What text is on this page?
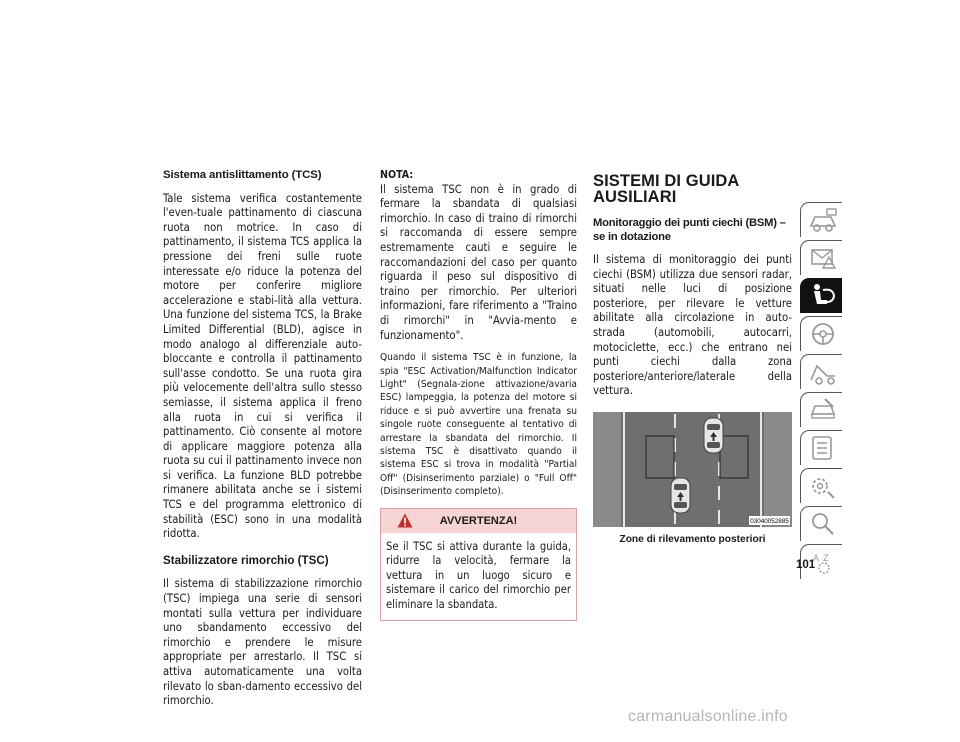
Sistema antislittamento (TCS)

Tale sistema verifica costantemente l'even-tuale pattinamento di ciascuna ruota non motrice. In caso di pattinamento, il sistema TCS applica la pressione dei freni sulle ruote interessate e/o riduce la potenza del motore per conferire migliore accelerazione e stabi-lità alla vettura. Una funzione del sistema TCS, la Brake Limited Differential (BLD), agisce in modo analogo al differenziale auto-bloccante e controlla il pattinamento sull'asse condotto. Se una ruota gira più velocemente dell'altra sullo stesso semiasse, il sistema applica il freno alla ruota in cui si verifica il pattinamento. Ciò consente al motore di applicare maggiore potenza alla ruota su cui il pattinamento invece non si verifica. La funzione BLD potrebbe rimanere abilitata anche se i sistemi TCS e del programma elettronico di stabilità (ESC) sono in una modalità ridotta.

Stabilizzatore rimorchio (TSC)

Il sistema di stabilizzazione rimorchio (TSC) impiega una serie di sensori montati sulla vettura per individuare uno sbandamento eccessivo del rimorchio e prendere le misure appropriate per arrestarlo. Il TSC si attiva automaticamente una volta rilevato lo sban-damento eccessivo del rimorchio.

NOTA:

Il sistema TSC non è in grado di fermare la sbandata di qualsiasi rimorchio. In caso di traino di rimorchi si raccomanda di essere sempre estremamente cauti e seguire le raccomandazioni del caso per quanto riguarda il peso sul dispositivo di traino per rimorchio. Per ulteriori informazioni, fare riferimento a "Traino di rimorchi" in "Avvia-mento e funzionamento".

Quando il sistema TSC è in funzione, la spia "ESC Activation/Malfunction Indicator Light" (Segnala-zione attivazione/avaria ESC) lampeggia, la potenza del motore si riduce e si può avvertire una frenata su singole ruote conseguente al tentativo di arrestare la sbandata del rimorchio. Il sistema TSC è disattivato quando il sistema ESC si trova in modalità "Partial Off" (Disinserimento parziale) o "Full Off" (Disinserimento completo).

AVVERTENZA!
Se il TSC si attiva durante la guida, ridurre la velocità, fermare la vettura in un luogo sicuro e sistemare il carico del rimorchio per eliminare la sbandata.
SISTEMI DI GUIDA AUSILIARI
Monitoraggio dei punti ciechi (BSM) – se in dotazione

Il sistema di monitoraggio dei punti ciechi (BSM) utilizza due sensori radar, situati nelle luci di posizione posteriore, per rilevare le vetture abilitate alla circolazione in auto-strada (automobili, autocarri, motociclette, ecc.) che entrano nei punti ciechi dalla zona posteriore/anteriore/laterale della vettura.

03040052885
Zone di rilevamento posteriori
A Z
101
carmanualsonline.info
